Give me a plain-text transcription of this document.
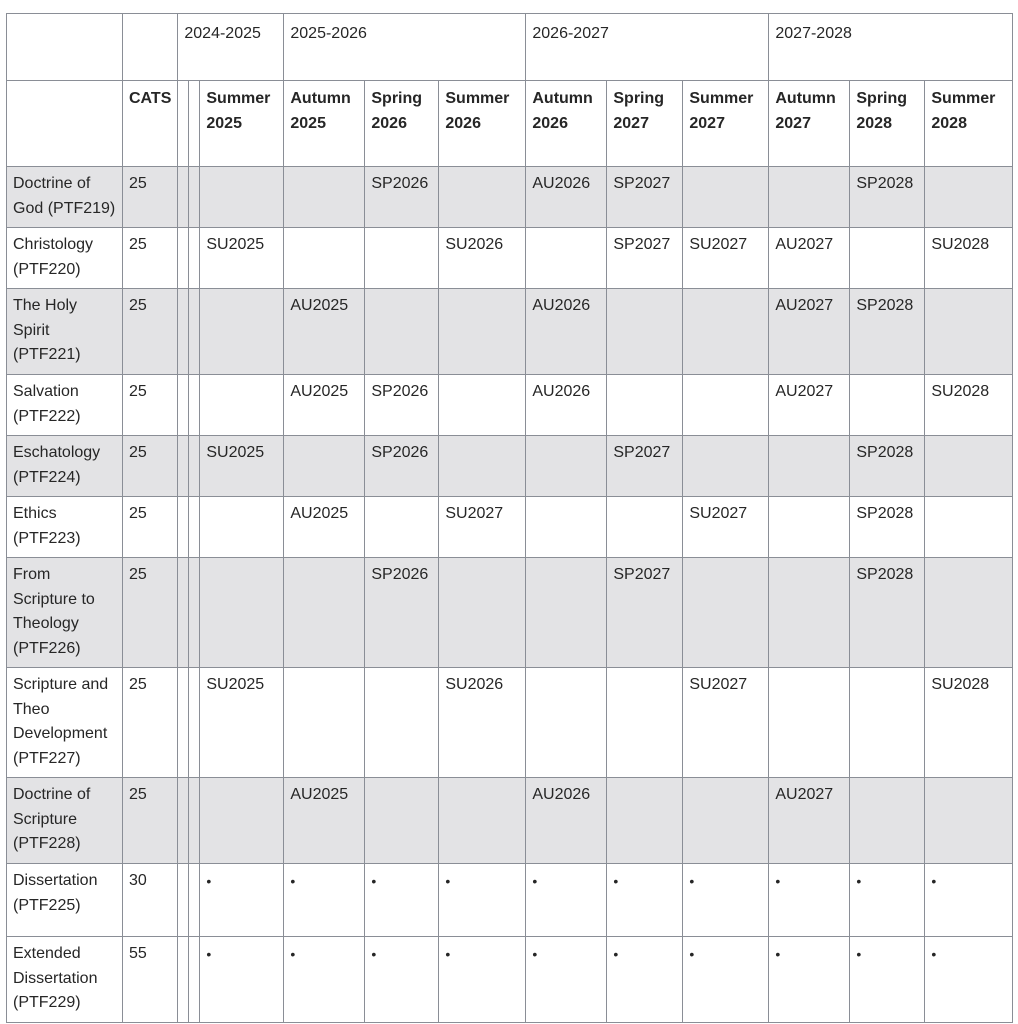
		2024-2025			2025-2026			2026-2027			2027-2028		
	CATS			Summer 2025	Autumn 2025	Spring 2026	Summer 2026	Autumn 2026	Spring 2027	Summer 2027	Autumn 2027	Spring 2028	Summer 2028
Doctrine of God (PTF219)	25					SP2026		AU2026	SP2027			SP2028	
Christology (PTF220)	25			SU2025			SU2026		SP2027	SU2027	AU2027		SU2028
The Holy Spirit (PTF221)	25				AU2025			AU2026			AU2027	SP2028	
Salvation (PTF222)	25				AU2025	SP2026		AU2026			AU2027		SU2028
Eschatology (PTF224)	25			SU2025		SP2026			SP2027			SP2028	
Ethics (PTF223)	25				AU2025		SU2027			SU2027		SP2028	
From Scripture to Theology (PTF226)	25					SP2026			SP2027			SP2028	
Scripture and Theo Development (PTF227)	25			SU2025			SU2026			SU2027			SU2028
Doctrine of Scripture (PTF228)	25				AU2025			AU2026			AU2027		
Dissertation (PTF225)	30			•	•	•	•	•	•	•	•	•	•
Extended Dissertation (PTF229)	55			•	•	•	•	•	•	•	•	•	•
